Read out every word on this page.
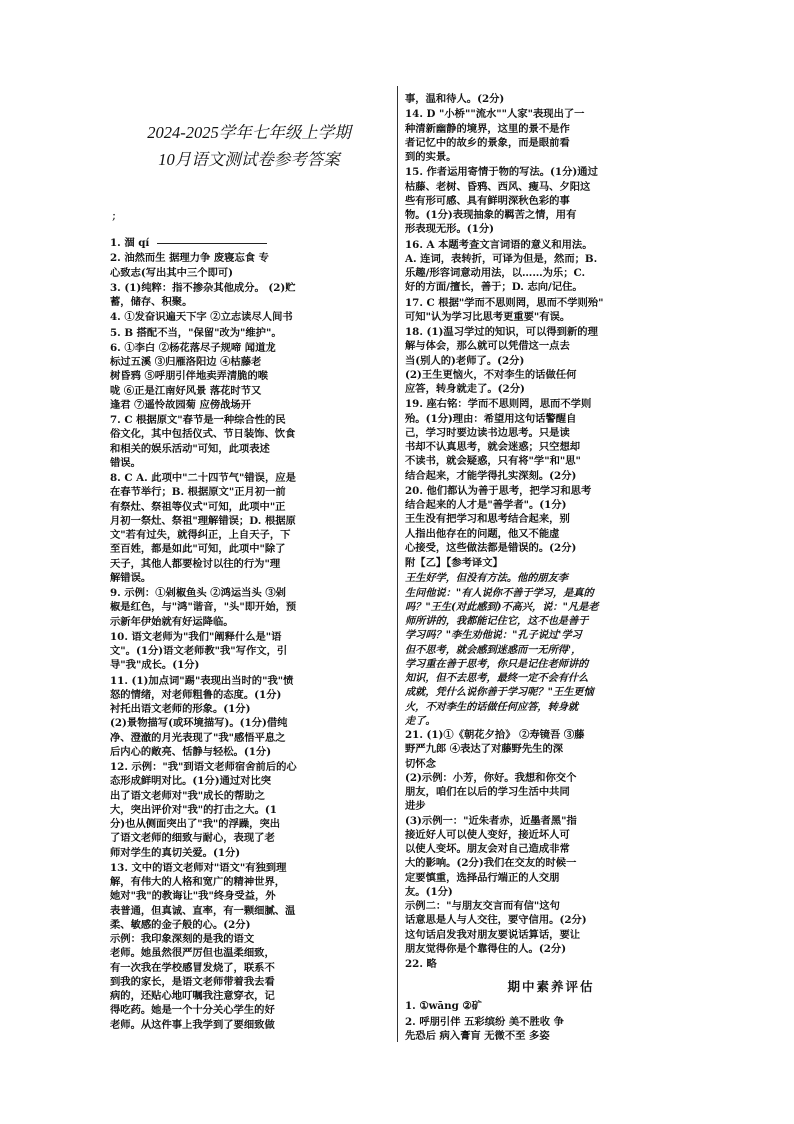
2024-2025学年七年级上学期
10月语文测试卷参考答案
;
1. 涸 qí
2. 油然而生 据理力争 废寝忘食 专
心致志(写出其中三个即可)
3. (1)纯粹：指不掺杂其他成分。 (2)贮
蓄，储存、积聚。
4. ①发奋识遍天下字 ②立志读尽人间书
5. B 搭配不当，"保留"改为"维护"。
6. ①李白 ②杨花落尽子规啼 闻道龙
标过五溪 ③归雁洛阳边 ④枯藤老
树昏鸦 ⑤呼朋引伴地卖弄清脆的喉
咙 ⑥正是江南好风景 落花时节又
逢君 ⑦遥怜故园菊 应傍战场开
7. C 根据原文"春节是一种综合性的民
俗文化，其中包括仪式、节日装饰、饮食
和相关的娱乐活动"可知，此项表述
错误。
8. C A. 此项中"二十四节气"错误，应是
在春节举行；B. 根据原文"正月初一前
有祭灶、祭祖等仪式"可知，此项中"正
月初一祭灶、祭祖"理解错误；D. 根据原
文"若有过失，就得纠正，上自天子，下
至百姓，都是如此"可知，此项中"除了
天子，其他人都要检讨以往的行为"理
解错误。
9. 示例：①剁椒鱼头 ②鸿运当头 ③剁
椒是红色，与"鸿"谐音，"头"即开始，预
示新年伊始就有好运降临。
10. 语文老师为"我们"阐释什么是"语
文"。(1分)语文老师教"我"写作文，引
导"我"成长。(1分)
11. (1)加点词"踢"表现出当时的"我"愤
怒的情绪，对老师粗鲁的态度。(1分)
衬托出语文老师的形象。(1分)
(2)景物描写(或环境描写)。(1分)借纯
净、澄澈的月光表现了"我"感悟平息之
后内心的敞亮、恬静与轻松。(1分)
12. 示例："我"到语文老师宿舍前后的心
态形成鲜明对比。(1分)通过对比突
出了语文老师对"我"成长的帮助之
大，突出评价对"我"的打击之大。(1
分)也从侧面突出了"我"的浮躁，突出
了语文老师的细致与耐心，表现了老
师对学生的真切关爱。(1分)
13. 文中的语文老师对"语文"有独到理
解，有伟大的人格和宽广的精神世界，
她对"我"的教诲让"我"终身受益，外
表普通，但真诚、直率，有一颗细腻、温
柔、敏感的金子般的心。(2分)
示例：我印象深刻的是我的语文
老师。她虽然很严厉但也温柔细致，
有一次我在学校感冒发烧了，联系不
到我的家长，是语文老师带着我去看
病的，还贴心地叮嘱我注意穿衣，记
得吃药。她是一个十分关心学生的好
老师。从这件事上我学到了要细致做
事，温和待人。(2分)
14. D "小桥""流水""人家"表现出了一
种清新幽静的境界，这里的景不是作
者记忆中的故乡的景象，而是眼前看
到的实景。
15. 作者运用寄情于物的写法。(1分)通过
枯藤、老树、昏鸦、西风、瘦马、夕阳这
些有形可感、具有鲜明深秋色彩的事
物。(1分)表现抽象的羁苦之情，用有
形表现无形。(1分)
16. A 本题考查文言词语的意义和用法。
A. 连词，表转折，可译为但是，然而；B.
乐趣/形容词意动用法，以……为乐；C.
好的方面/擅长，善于；D. 志向/记住。
17. C 根据"学而不思则罔，思而不学则殆"
可知"认为学习比思考更重要"有误。
18. (1)温习学过的知识，可以得到新的理
解与体会，那么就可以凭借这一点去
当(别人的)老师了。(2分)
(2)王生更恼火，不对李生的话做任何
应答，转身就走了。(2分)
19. 座右铭：学而不思则罔，思而不学则
殆。(1分)理由：希望用这句话警醒自
己，学习时要边读书边思考。只是读
书却不认真思考，就会迷惑；只空想却
不读书，就会疑惑，只有将"学"和"思"
结合起来，才能学得扎实深刻。(2分)
20. 他们都认为善于思考，把学习和思考
结合起来的人才是"善学者"。(1分)
王生没有把学习和思考结合起来，别
人指出他存在的问题，他又不能虚
心接受，这些做法都是错误的。(2分)
附【乙】【参考译文】
王生好学，但没有方法。他的朋友李
生问他说："有人说你不善于学习，是真的
吗？"王生(对此感到)不高兴，说："凡是老
师所讲的，我都能记住它，这不也是善于
学习吗？"李生劝他说："孔子说过'学习
但不思考，就会感到迷惑而一无所得'，
学习重在善于思考，你只是记住老师讲的
知识，但不去思考，最终一定不会有什么
成就，凭什么说你善于学习呢？"王生更恼
火，不对李生的话做任何应答，转身就
走了。
21. (1)①《朝花夕拾》 ②寿镜吾 ③藤
野严九郎 ④表达了对藤野先生的深
切怀念
(2)示例：小芳，你好。我想和你交个
朋友，咱们在以后的学习生活中共同
进步
(3)示例一："近朱者赤，近墨者黑"指
接近好人可以使人变好，接近坏人可
以使人变坏。朋友会对自己造成非常
大的影响。(2分)我们在交友的时候一
定要慎重，选择品行端正的人交朋
友。(1分)
示例二："与朋友交言而有信"这句
话意思是人与人交往，要守信用。(2分)
这句话启发我对朋友要说话算话，要让
朋友觉得你是个靠得住的人。(2分)
22. 略
期中素养评估
1. ①wāng ②矿
2. 呼朋引伴 五彩缤纷 美不胜收 争
先恐后 病入膏肓 无微不至 多姿
